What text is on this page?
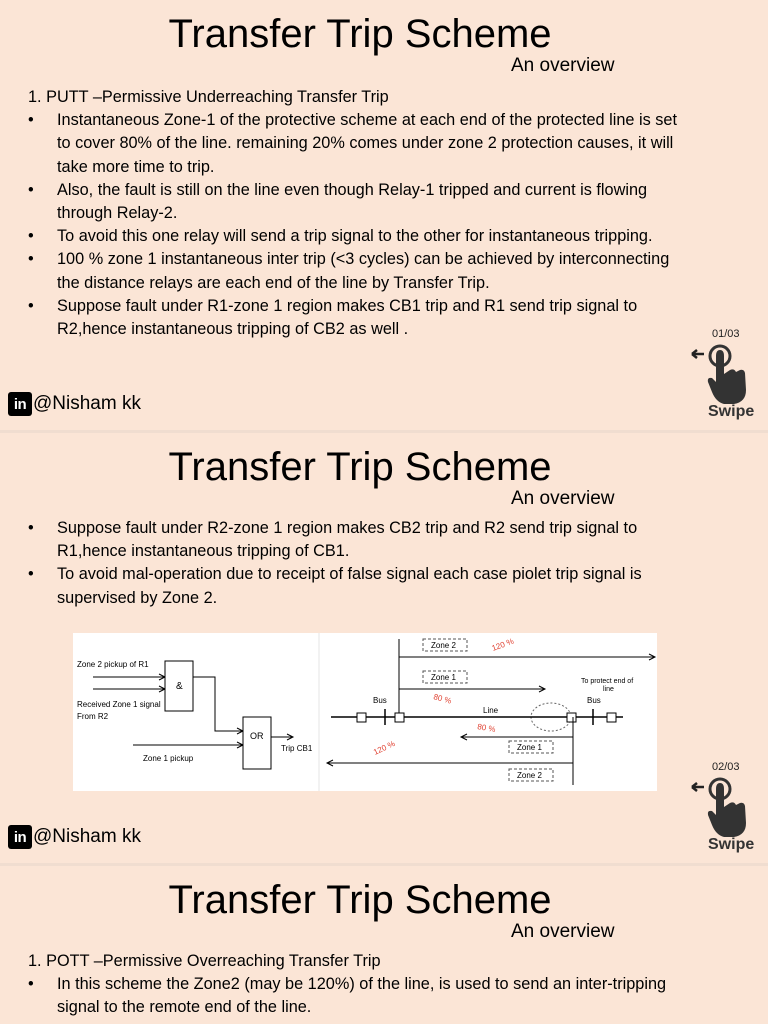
Transfer Trip Scheme
An overview
1. PUTT –Permissive Underreaching Transfer Trip
• Instantaneous Zone-1 of the protective scheme at each end of the protected line is set to cover 80% of the line. remaining 20% comes under zone 2 protection causes, it will take more time to trip.
• Also, the fault is still on the line even though Relay-1 tripped and current is flowing through Relay-2.
• To avoid this one relay will send a trip signal to the other for instantaneous tripping.
• 100 % zone 1 instantaneous inter trip (<3 cycles) can be achieved by interconnecting the distance relays are each end of the line by Transfer Trip.
• Suppose fault under R1-zone 1 region makes CB1 trip and R1 send trip signal to R2,hence instantaneous tripping of CB2 as well .
in @Nisham kk
01/03
Swipe
Transfer Trip Scheme
An overview
• Suppose fault under R2-zone 1 region makes CB2 trip and R2 send trip signal to R1,hence instantaneous tripping of CB1.
• To avoid mal-operation due to receipt of false signal each case piolet trip signal is supervised by Zone 2.
Zone 2 pickup of R1
Received Zone 1 signal
From R2
&
Zone 1 pickup
OR
Trip CB1
Zone 2	120 %
Zone 1
80 %
To protect end of
line
Bus	Bus
Line
80 %
120 %	Zone 1
Zone 2
in @Nisham kk
02/03
Swipe
Transfer Trip Scheme
An overview
1. POTT –Permissive Overreaching Transfer Trip
• In this scheme the Zone2 (may be 120%) of the line, is used to send an inter-tripping signal to the remote end of the line.
